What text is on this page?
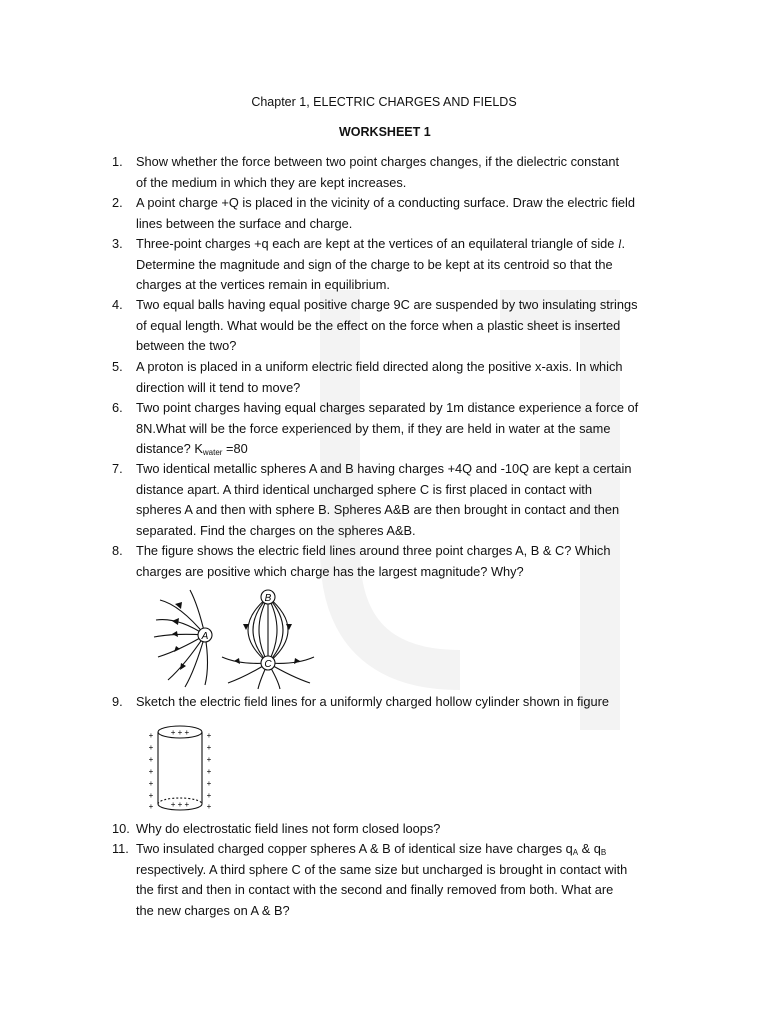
Chapter 1, ELECTRIC CHARGES AND FIELDS
WORKSHEET 1
1.	Show whether the force between two point charges changes, if the dielectric constant
of the medium in which they are kept increases.
2.	A point charge +Q is placed in the vicinity of a conducting surface. Draw the electric field
lines between the surface and charge.
3.	Three-point charges +q each are kept at the vertices of an equilateral triangle of side l.
Determine the magnitude and sign of the charge to be kept at its centroid so that the
charges at the vertices remain in equilibrium.
4.	Two equal balls having equal positive charge 9C are suspended by two insulating strings
of equal length. What would be the effect on the force when a plastic sheet is inserted
between the two?
5.	A proton is placed in a uniform electric field directed along the positive x-axis. In which
direction will it tend to move?
6.	Two point charges having equal charges separated by 1m distance experience a force of
8N.What will be the force experienced by them, if they are held in water at the same
distance? $K_{water} =80$
7.	Two identical metallic spheres A and B having charges +4Q and -10Q are kept a certain
distance apart. A third identical uncharged sphere C is first placed in contact with
spheres A and then with sphere B. Spheres A&B are then brought in contact and then
separated. Find the charges on the spheres A&B.
8.	The figure shows the electric field lines around three point charges A, B & C? Which
charges are positive which charge has the largest magnitude? Why?
A
B
C
9.	Sketch the electric field lines for a uniformly charged hollow cylinder shown in figure
+ + +
+ + +
+
+
+
+
+
+
+
+
+
+
+
+
+
+
10. Why do electrostatic field lines not form closed loops?
11. Two insulated charged copper spheres A & B of identical size have charges $q_A$ & $q_B$
respectively. A third sphere C of the same size but uncharged is brought in contact with
the first and then in contact with the second and finally removed from both. What are
the new charges on A & B?
